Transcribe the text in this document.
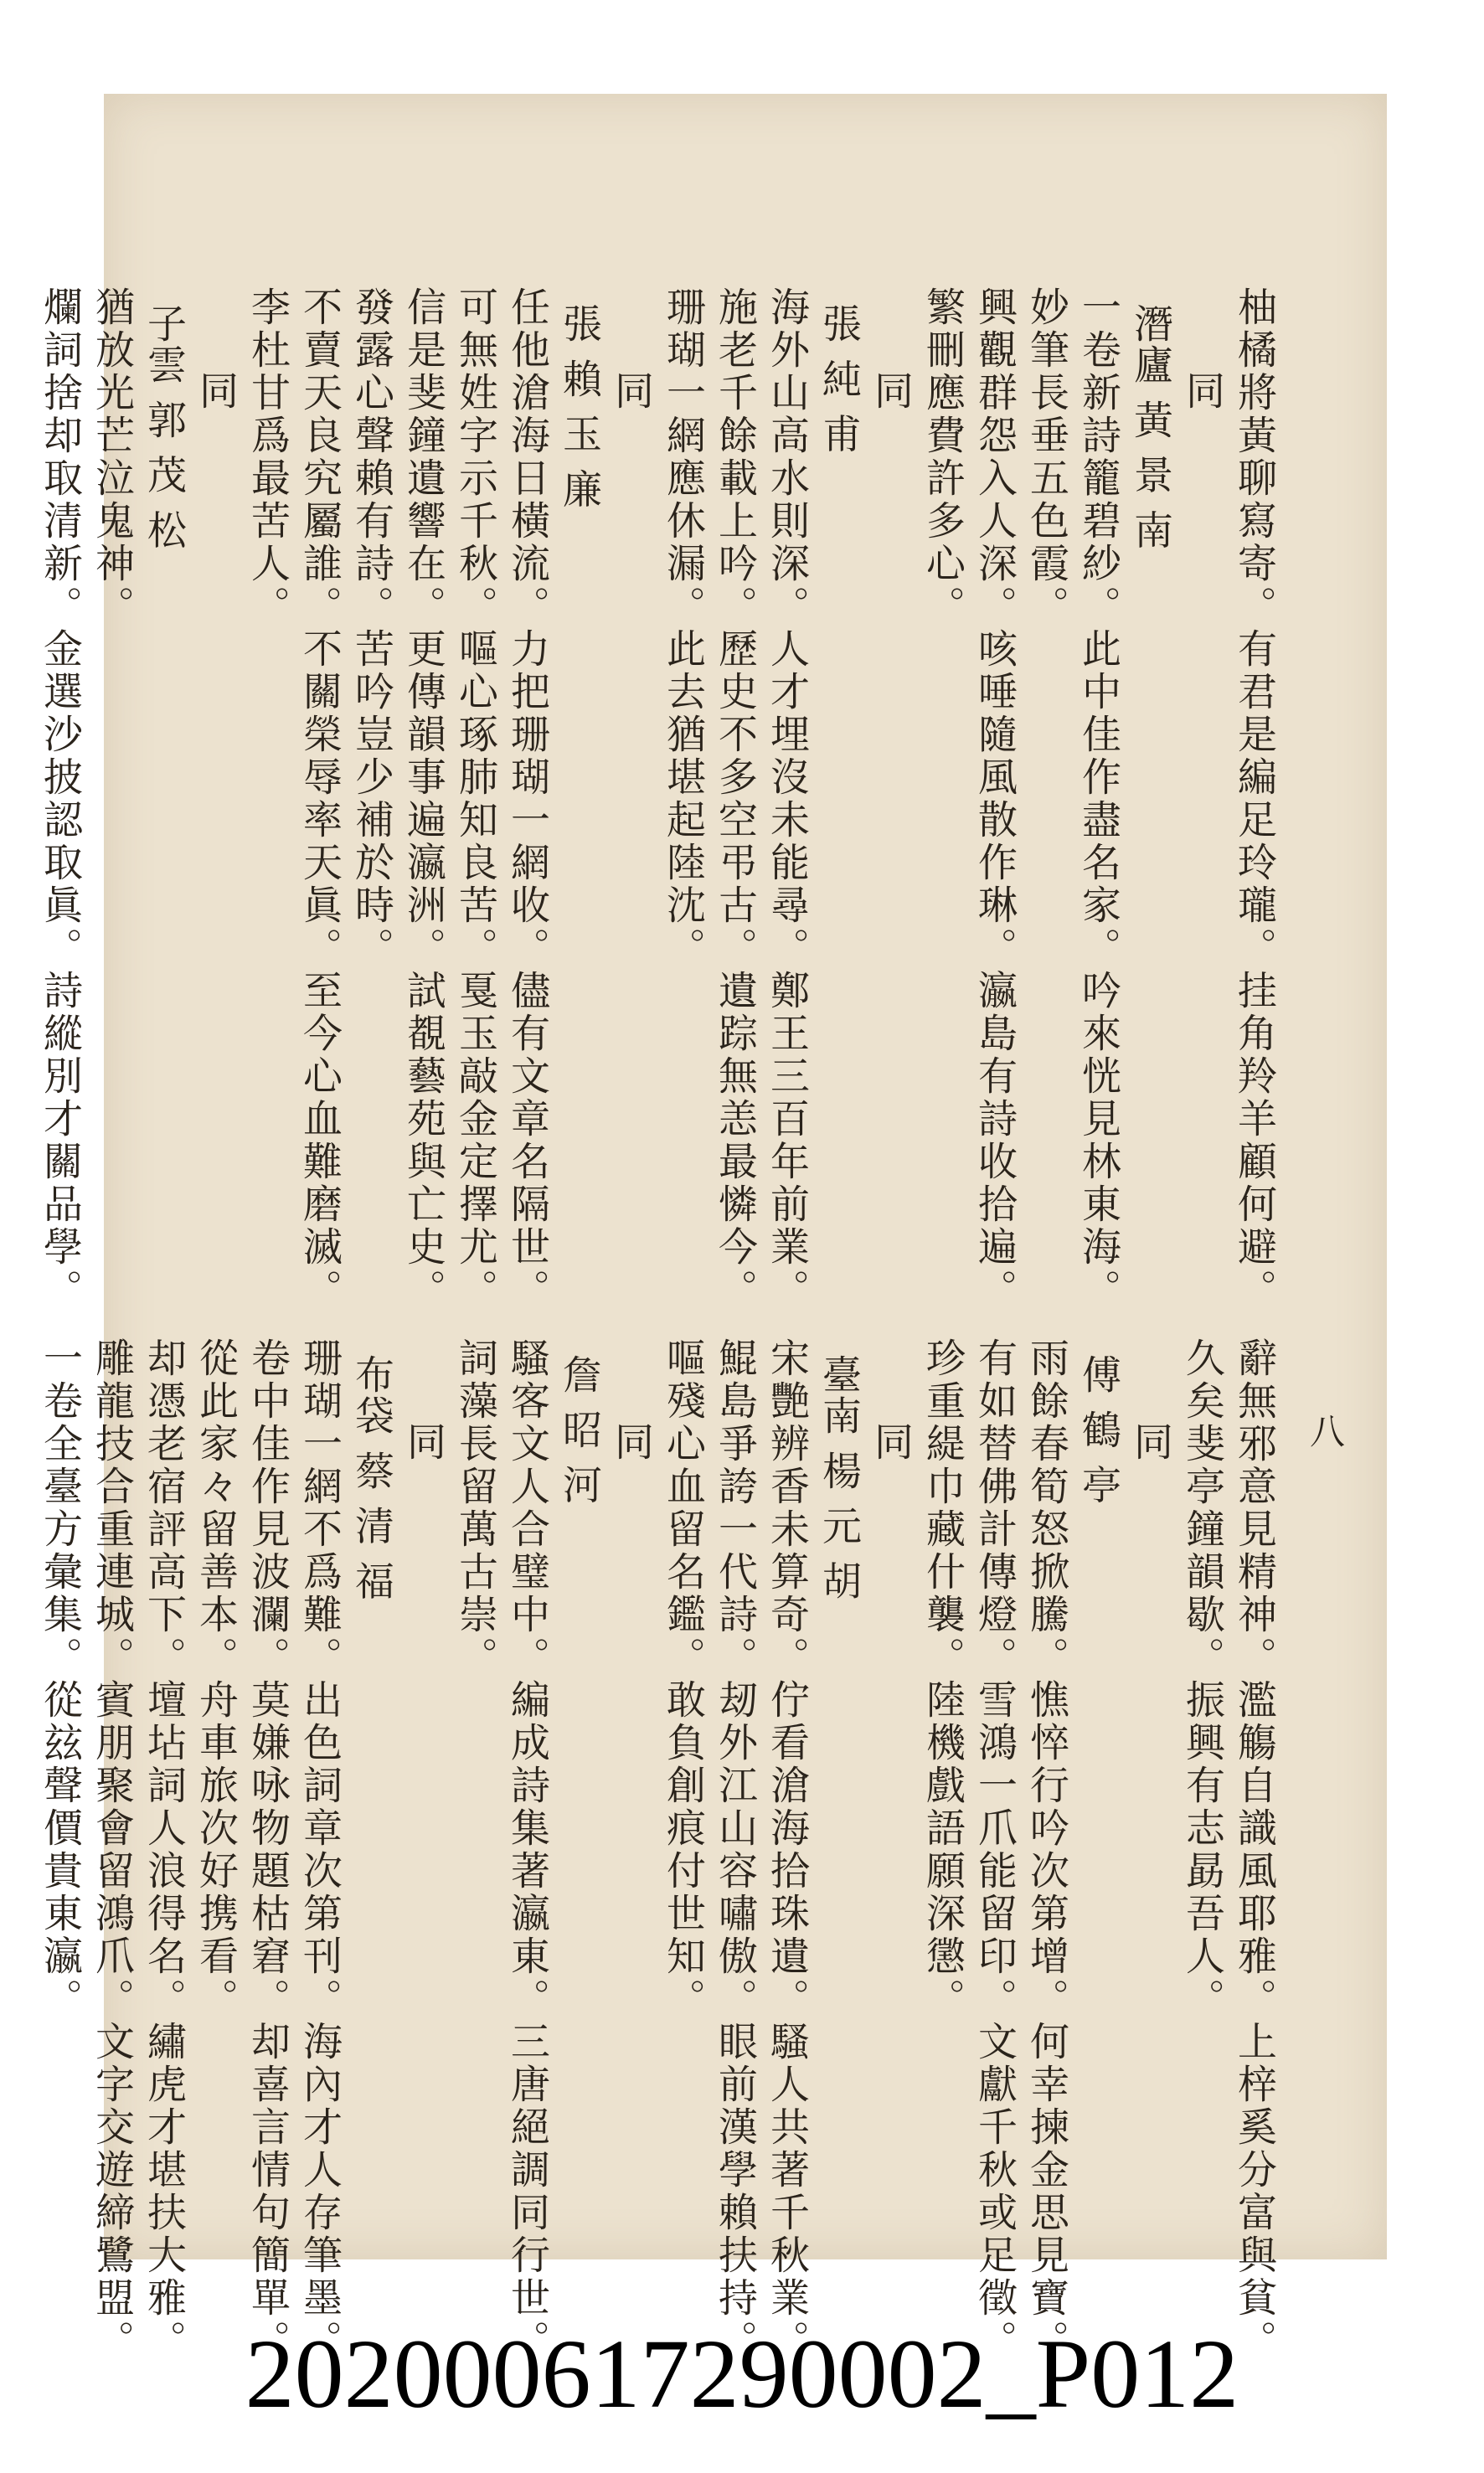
柚橘將黃聊寫寄。有君是編足玲瓏。挂角羚羊顧何避。
同
潛廬 黃 景 南
一卷新詩籠碧紗。此中佳作盡名家。吟來恍見林東海。
妙筆長垂五色霞。
興觀群怨入人深。咳唾隨風散作琳。瀛島有詩收拾遍。
繁刪應費許多心。
同
張 純 甫
海外山高水則深。人才埋沒未能尋。鄭王三百年前業。
施老千餘載上吟。歷史不多空弔古。遺踪無恙最憐今。
珊瑚一網應休漏。此去猶堪起陸沈。
同
張 賴 玉 廉
任他滄海日橫流。力把珊瑚一網收。儘有文章名隔世。
可無姓字示千秋。嘔心琢肺知良苦。戛玉敲金定擇尤。
信是斐鐘遺響在。更傳韻事遍瀛洲。試覩藝苑與亡史。
發露心聲賴有詩。苦吟豈少補於時。
不賣天良究屬誰。不關榮辱率天眞。至今心血難磨滅。
李杜甘爲最苦人。
同
子雲 郭 茂 松
猶放光芒泣鬼神。
爛詞捨却取清新。金選沙披認取眞。詩縱別才關品學。
八
辭無邪意見精神。濫觴自識風耶雅。上梓奚分富與貧。
久矣斐亭鐘韻歇。振興有志勗吾人。
同
傅 鶴 亭
雨餘春筍怒掀騰。憔悴行吟次第增。何幸揀金思見寶。
有如替佛計傳燈。雪鴻一爪能留印。文獻千秋或足徵。
珍重緹巾藏什襲。陸機戲語願深懲。
同
臺南 楊 元 胡
宋艷辨香未算奇。佇看滄海拾珠遺。騷人共著千秋業。
鯤島爭誇一代詩。刼外江山容嘯傲。眼前漢學賴扶持。
嘔殘心血留名鑑。敢負創痕付世知。
同
詹 昭 河
騷客文人合璧中。編成詩集著瀛東。三唐絕調同行世。
詞藻長留萬古崇。
同
布袋 蔡 清 福
珊瑚一網不爲難。出色詞章次第刊。海內才人存筆墨。
卷中佳作見波瀾。莫嫌咏物題枯窘。却喜言情句簡單。
從此家々留善本。舟車旅次好携看。
却憑老宿評高下。壇坫詞人浪得名。繡虎才堪扶大雅。
雕龍技合重連城。賓朋聚會留鴻爪。文字交遊締鷺盟。
一卷全臺方彙集。從玆聲價貴東瀛。
202000617290002_P012
